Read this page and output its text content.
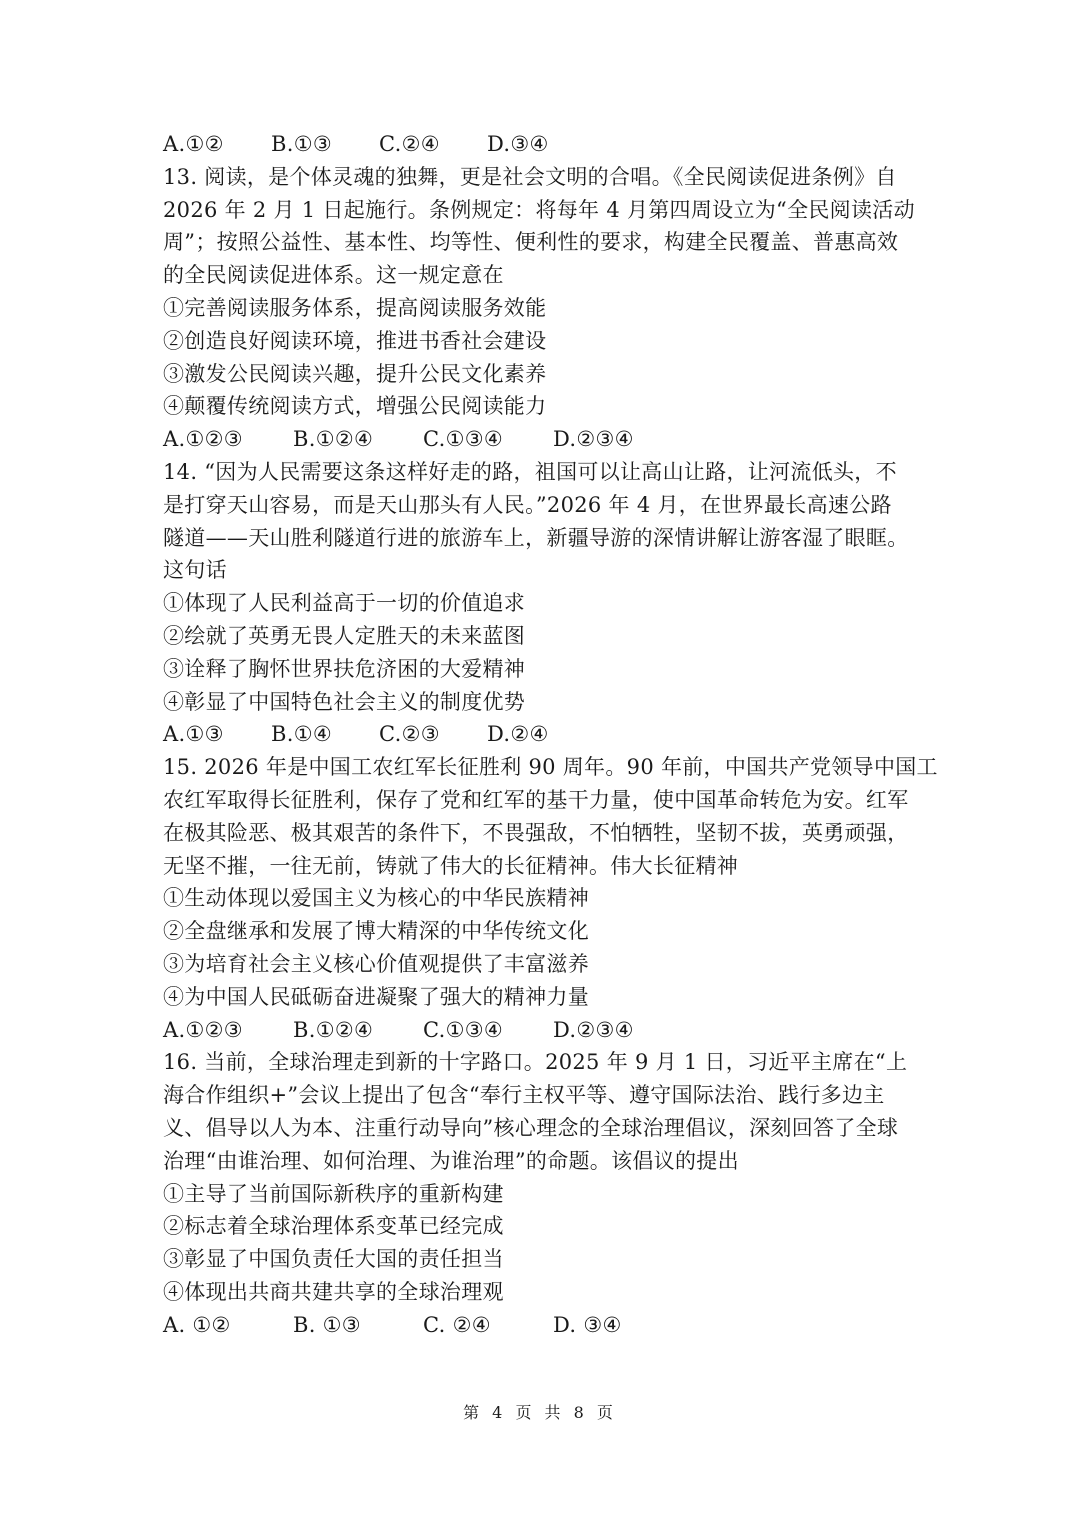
A.①②	B.①③	C.②④	D.③④
13. 阅读，是个体灵魂的独舞，更是社会文明的合唱。《全民阅读促进条例》自
2026 年 2 月 1 日起施行。条例规定：将每年 4 月第四周设立为“全民阅读活动
周”；按照公益性、基本性、均等性、便利性的要求，构建全民覆盖、普惠高效
的全民阅读促进体系。这一规定意在
①完善阅读服务体系，提高阅读服务效能
②创造良好阅读环境，推进书香社会建设
③激发公民阅读兴趣，提升公民文化素养
④颠覆传统阅读方式，增强公民阅读能力
A.①②③	B.①②④	C.①③④	D.②③④
14. “因为人民需要这条这样好走的路，祖国可以让高山让路，让河流低头，不
是打穿天山容易，而是天山那头有人民。”2026 年 4 月，在世界最长高速公路
隧道——天山胜利隧道行进的旅游车上，新疆导游的深情讲解让游客湿了眼眶。
这句话
①体现了人民利益高于一切的价值追求
②绘就了英勇无畏人定胜天的未来蓝图
③诠释了胸怀世界扶危济困的大爱精神
④彰显了中国特色社会主义的制度优势
A.①③	B.①④	C.②③	D.②④
15. 2026 年是中国工农红军长征胜利 90 周年。90 年前，中国共产党领导中国工
农红军取得长征胜利，保存了党和红军的基干力量，使中国革命转危为安。红军
在极其险恶、极其艰苦的条件下，不畏强敌，不怕牺牲，坚韧不拔，英勇顽强，
无坚不摧，一往无前，铸就了伟大的长征精神。伟大长征精神
①生动体现以爱国主义为核心的中华民族精神
②全盘继承和发展了博大精深的中华传统文化
③为培育社会主义核心价值观提供了丰富滋养
④为中国人民砥砺奋进凝聚了强大的精神力量
A.①②③	B.①②④	C.①③④	D.②③④
16. 当前，全球治理走到新的十字路口。2025 年 9 月 1 日，习近平主席在“上
海合作组织+”会议上提出了包含“奉行主权平等、遵守国际法治、践行多边主
义、倡导以人为本、注重行动导向”核心理念的全球治理倡议，深刻回答了全球
治理“由谁治理、如何治理、为谁治理”的命题。该倡议的提出
①主导了当前国际新秩序的重新构建
②标志着全球治理体系变革已经完成
③彰显了中国负责任大国的责任担当
④体现出共商共建共享的全球治理观
A. ①②	B. ①③	C. ②④	D. ③④
第 4 页 共 8 页
